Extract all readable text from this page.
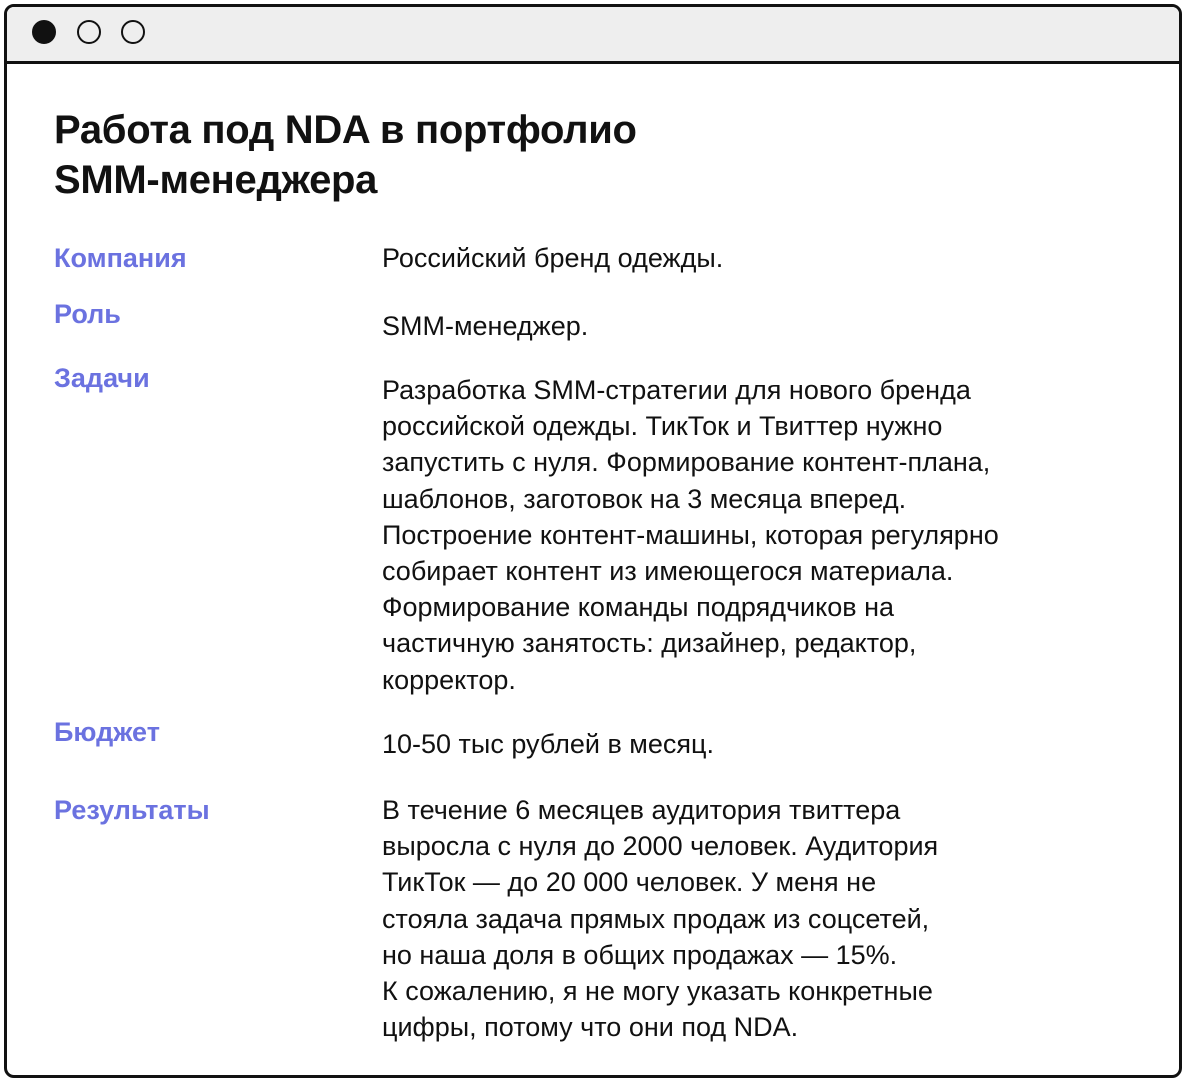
Работа под NDA в портфолио
SMM-менеджера
Компания	Российский бренд одежды.
Роль	SMM-менеджер.
Задачи	Разработка SMM-стратегии для нового бренда
российской одежды. ТикТок и Твиттер нужно
запустить с нуля. Формирование контент-плана,
шаблонов, заготовок на 3 месяца вперед.
Построение контент-машины, которая регулярно
собирает контент из имеющегося материала.
Формирование команды подрядчиков на
частичную занятость: дизайнер, редактор,
корректор.
Бюджет	10-50 тыс рублей в месяц.
Результаты	В течение 6 месяцев аудитория твиттера
выросла с нуля до 2000 человек. Аудитория
ТикТок — до 20 000 человек. У меня не
стояла задача прямых продаж из соцсетей,
но наша доля в общих продажах — 15%.
К сожалению, я не могу указать конкретные
цифры, потому что они под NDA.
